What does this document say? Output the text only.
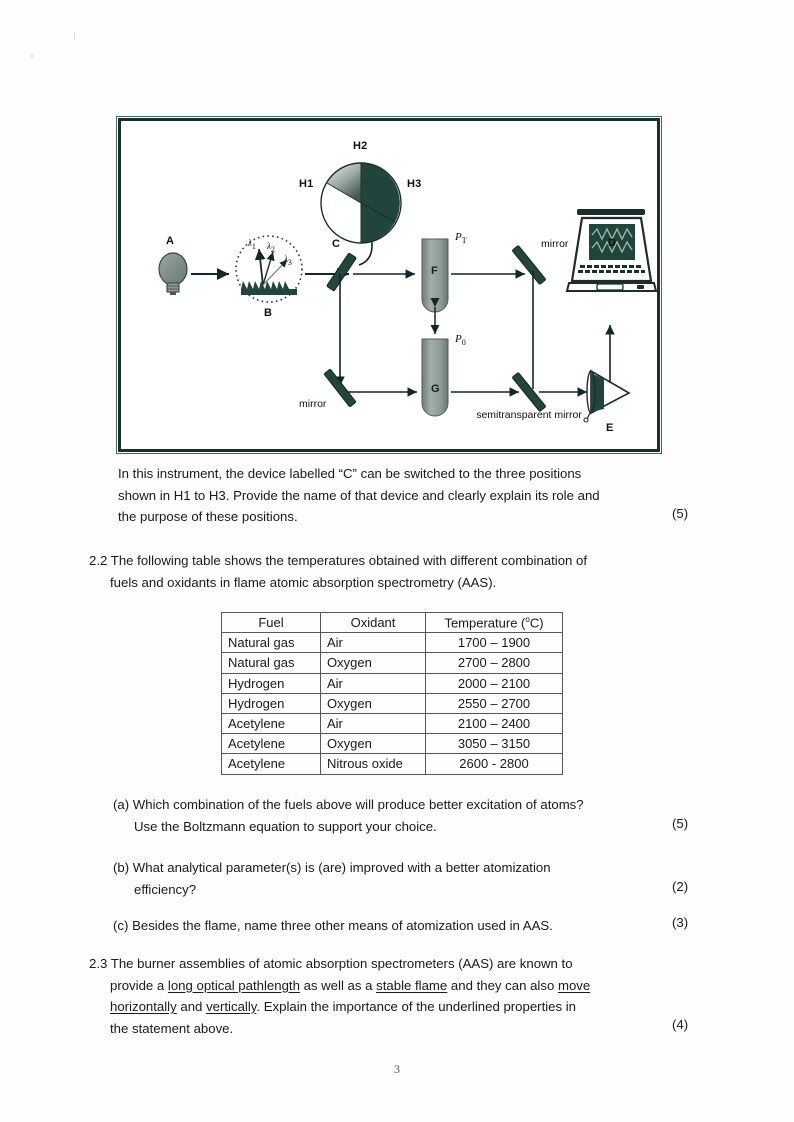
A
B
C	D
E
F
G
H1
H2
H3
$P_T$
$P_0$
$\lambda_1$ $\lambda_2$
$\lambda_3$
mirror
mirror
semitransparent mirror
In this instrument, the device labelled “C” can be switched to the three positions
shown in H1 to H3. Provide the name of that device and clearly explain its role and
the purpose of these positions.	(5)
2.2 The following table shows the temperatures obtained with different combination of
fuels and oxidants in flame atomic absorption spectrometry (AAS).
Fuel	Oxidant	Temperature ($^o$C)
Natural gas	Air	1700 – 1900
Natural gas	Oxygen	2700 – 2800
Hydrogen	Air	2000 – 2100
Hydrogen	Oxygen	2550 – 2700
Acetylene	Air	2100 – 2400
Acetylene	Oxygen	3050 – 3150
Acetylene	Nitrous oxide	2600 - 2800
(a) Which combination of the fuels above will produce better excitation of atoms?
Use the Boltzmann equation to support your choice.	(5)
(b) What analytical parameter(s) is (are) improved with a better atomization
efficiency?	(2)
(c) Besides the flame, name three other means of atomization used in AAS.	(3)
2.3 The burner assemblies of atomic absorption spectrometers (AAS) are known to
provide a long optical pathlength as well as a stable flame and they can also move
horizontally and vertically. Explain the importance of the underlined properties in
the statement above.	(4)
3
